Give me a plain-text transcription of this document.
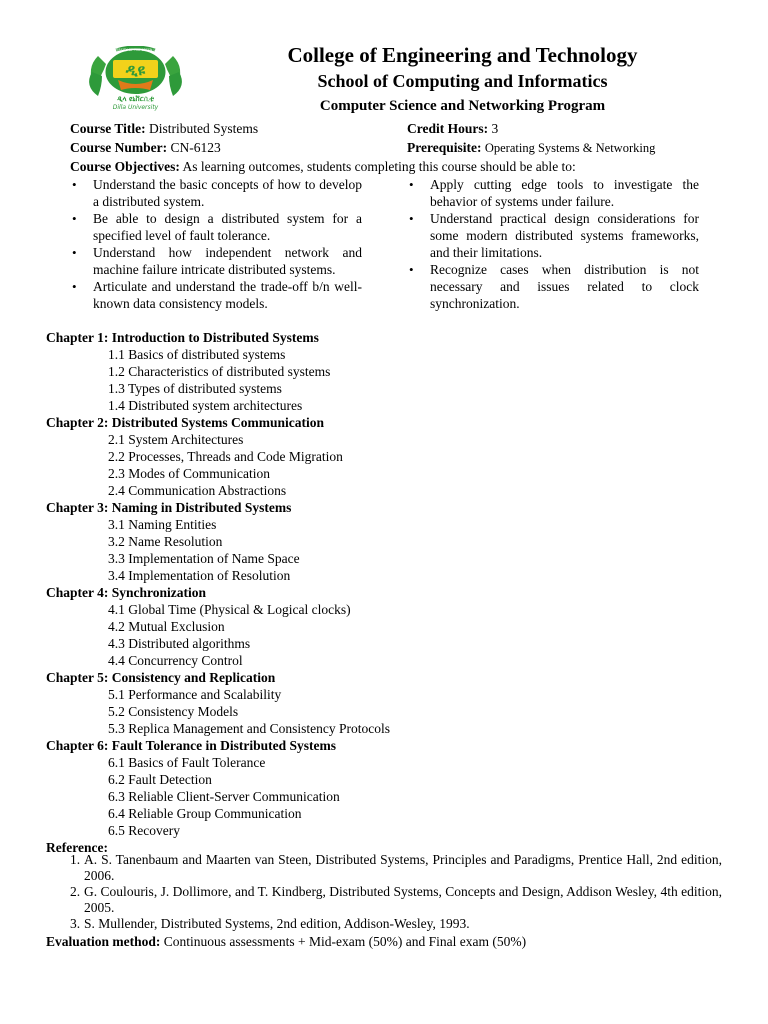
UNIVERSITY OF THE GREEN LAND
ዲዩ
ዲላ ዩኒቨርሲቲ
Dilla University
College of Engineering and Technology
School of Computing and Informatics
Computer Science and Networking Program
Course Title: Distributed Systems	Credit Hours: 3
Course Number: CN-6123	Prerequisite: Operating Systems & Networking
Course Objectives: As learning outcomes, students completing this course should be able to:
• Understand the basic concepts of how to develop a distributed system.
• Be able to design a distributed system for a specified level of fault tolerance.
• Understand how independent network and machine failure intricate distributed systems.
• Articulate and understand the trade-off b/n well-known data consistency models.
• Apply cutting edge tools to investigate the behavior of systems under failure.
• Understand practical design considerations for some modern distributed systems frameworks, and their limitations.
• Recognize cases when distribution is not necessary and issues related to clock synchronization.
Chapter 1: Introduction to Distributed Systems
1.1 Basics of distributed systems
1.2 Characteristics of distributed systems
1.3 Types of distributed systems
1.4 Distributed system architectures
Chapter 2: Distributed Systems Communication
2.1 System Architectures
2.2 Processes, Threads and Code Migration
2.3 Modes of Communication
2.4 Communication Abstractions
Chapter 3: Naming in Distributed Systems
3.1 Naming Entities
3.2 Name Resolution
3.3 Implementation of Name Space
3.4 Implementation of Resolution
Chapter 4: Synchronization
4.1 Global Time (Physical & Logical clocks)
4.2 Mutual Exclusion
4.3 Distributed algorithms
4.4 Concurrency Control
Chapter 5: Consistency and Replication
5.1 Performance and Scalability
5.2 Consistency Models
5.3 Replica Management and Consistency Protocols
Chapter 6: Fault Tolerance in Distributed Systems
6.1 Basics of Fault Tolerance
6.2 Fault Detection
6.3 Reliable Client-Server Communication
6.4 Reliable Group Communication
6.5 Recovery
Reference:
1. A. S. Tanenbaum and Maarten van Steen, Distributed Systems, Principles and Paradigms, Prentice Hall, 2nd edition, 2006.
2. G. Coulouris, J. Dollimore, and T. Kindberg, Distributed Systems, Concepts and Design, Addison Wesley, 4th edition, 2005.
3. S. Mullender, Distributed Systems, 2nd edition, Addison-Wesley, 1993.
Evaluation method: Continuous assessments + Mid-exam (50%) and Final exam (50%)
